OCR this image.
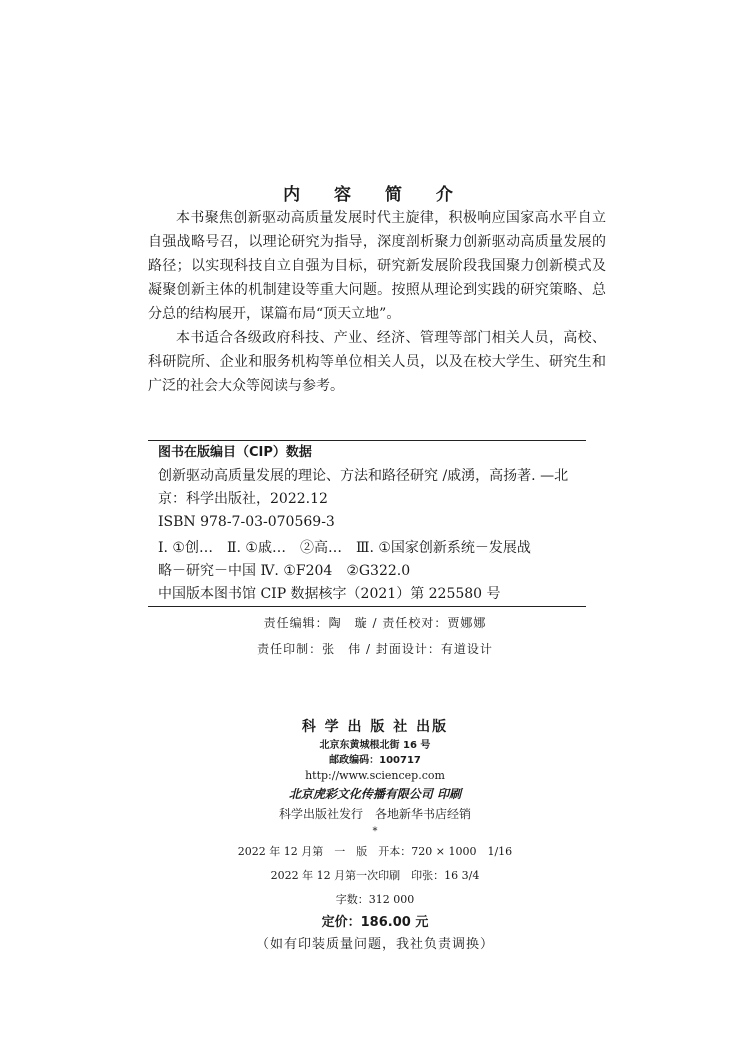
内 容 简 介

本书聚焦创新驱动高质量发展时代主旋律，积极响应国家高水平自立自强战略号召，以理论研究为指导，深度剖析聚力创新驱动高质量发展的路径；以实现科技自立自强为目标，研究新发展阶段我国聚力创新模式及凝聚创新主体的机制建设等重大问题。按照从理论到实践的研究策略、总分总的结构展开，谋篇布局“顶天立地”。

本书适合各级政府科技、产业、经济、管理等部门相关人员，高校、科研院所、企业和服务机构等单位相关人员，以及在校大学生、研究生和广泛的社会大众等阅读与参考。

图书在版编目（CIP）数据
创新驱动高质量发展的理论、方法和路径研究 /戚湧，高扬著. —北
京：科学出版社，2022.12
ISBN 978-7-03-070569-3
Ⅰ. ①创…　Ⅱ. ①戚…　②高…　Ⅲ. ①国家创新系统－发展战
略－研究－中国 Ⅳ. ①F204　②G322.0
中国版本图书馆 CIP 数据核字（2021）第 225580 号
责任编辑：陶　璇 / 责任校对：贾娜娜
责任印制：张　伟 / 封面设计：有道设计
科 学 出 版 社 出版
北京东黄城根北街 16 号
邮政编码：100717
http://www.sciencep.com
北京虎彩文化传播有限公司 印刷
科学出版社发行　各地新华书店经销
*
2022 年 12 月第　一　版　开本：720 × 1000　1/16
2022 年 12 月第一次印刷　印张：16 3/4
字数：312 000
定价：186.00 元
（如有印装质量问题，我社负责调换）
